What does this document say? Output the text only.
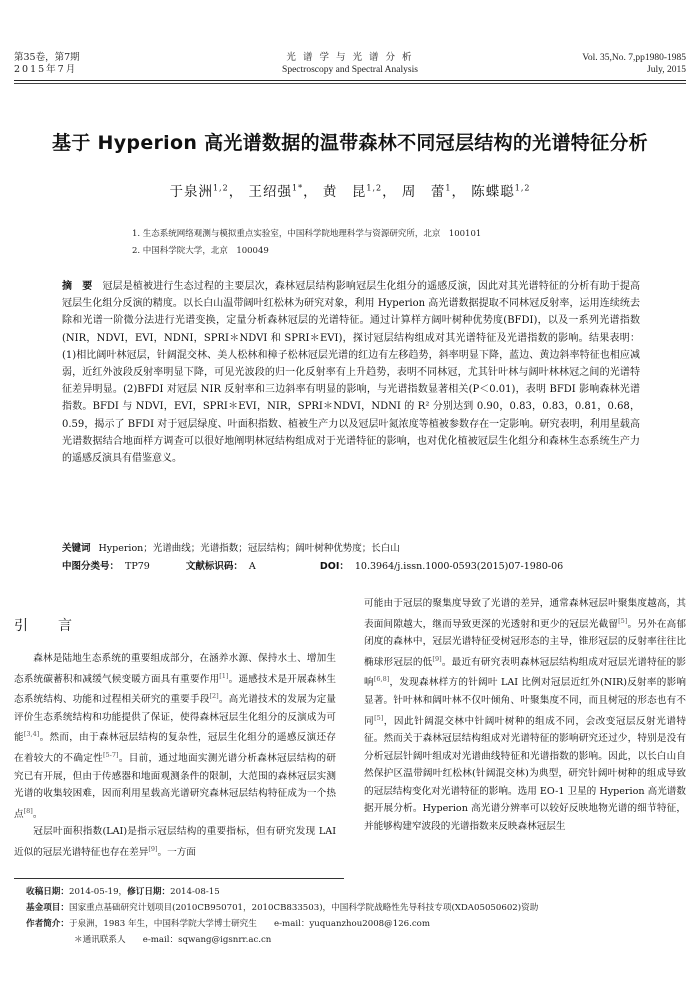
第35卷，第7期
2015年7月
光 谱 学 与 光 谱 分 析
Spectroscopy and Spectral Analysis
Vol. 35,No. 7,pp1980-1985
July, 2015
基于 Hyperion 高光谱数据的温带森林不同冠层结构的光谱特征分析
于泉洲$^{1,2}$， 王绍强$^{1*}$， 黄　昆$^{1,2}$， 周　蕾$^1$， 陈蝶聪$^{1,2}$
1. 生态系统网络观测与模拟重点实验室，中国科学院地理科学与资源研究所，北京　100101
2. 中国科学院大学，北京　100049
摘　要 冠层是植被进行生态过程的主要层次，森林冠层结构影响冠层生化组分的遥感反演，因此对其光谱特征的分析有助于提高冠层生化组分反演的精度。以长白山温带阔叶红松林为研究对象，利用 Hyperion 高光谱数据提取不同林冠反射率，运用连续统去除和光谱一阶微分法进行光谱变换，定量分析森林冠层的光谱特征。通过计算样方阔叶树种优势度(BFDI)，以及一系列光谱指数(NIR，NDVI，EVI，NDNI，SPRI＊NDVI 和 SPRI＊EVI)，探讨冠层结构组成对其光谱特征及光谱指数的影响。结果表明：(1)相比阔叶林冠层，针阔混交林、美人松林和樟子松林冠层光谱的红边有左移趋势，斜率明显下降，蓝边、黄边斜率特征也相应减弱，近红外波段反射率明显下降，可见光波段的归一化反射率有上升趋势，表明不同林冠，尤其针叶林与阔叶林林冠之间的光谱特征差异明显。(2)BFDI 对冠层 NIR 反射率和三边斜率有明显的影响，与光谱指数显著相关(P＜0.01)，表明 BFDI 影响森林光谱指数。BFDI 与 NDVI，EVI，SPRI＊EVI，NIR，SPRI＊NDVI，NDNI 的 R² 分别达到 0.90，0.83，0.83，0.81，0.68，0.59，揭示了 BFDI 对于冠层绿度、叶面积指数、植被生产力以及冠层叶氮浓度等植被参数存在一定影响。研究表明，利用星载高光谱数据结合地面样方调查可以很好地阐明林冠结构组成对于光谱特征的影响，也对优化植被冠层生化组分和森林生态系统生产力的遥感反演具有借鉴意义。
关键词 Hyperion；光谱曲线；光谱指数；冠层结构；阔叶树种优势度；长白山
中图分类号： TP79	文献标识码： A	DOI： 10.3964/j.issn.1000-0593(2015)07-1980-06
引　言

森林是陆地生态系统的重要组成部分，在涵养水源、保持水土、增加生态系统碳蓄积和减缓气候变暖方面具有重要作用[1]。遥感技术是开展森林生态系统结构、功能和过程相关研究的重要手段[2]。高光谱技术的发展为定量评价生态系统结构和功能提供了保证，使得森林冠层生化组分的反演成为可能[3,4]。然而，由于森林冠层结构的复杂性，冠层生化组分的遥感反演还存在着较大的不确定性[5-7]。目前，通过地面实测光谱分析森林冠层结构的研究已有开展，但由于传感器和地面观测条件的限制，大范围的森林冠层实测光谱的收集较困难，因而利用星载高光谱研究森林冠层结构特征成为一个热点[8]。

冠层叶面积指数(LAI)是指示冠层结构的重要指标，但有研究发现 LAI 近似的冠层光谱特征也存在差异[9]。一方面

可能由于冠层的聚集度导致了光谱的差异，通常森林冠层叶聚集度越高，其表面间隙越大，继而导致更深的光透射和更少的冠层光截留[5]。另外在高郁闭度的森林中，冠层光谱特征受树冠形态的主导，锥形冠层的反射率往往比椭球形冠层的低[9]。最近有研究表明森林冠层结构组成对冠层光谱特征的影响[6,8]，发现森林样方的针阔叶 LAI 比例对冠层近红外(NIR)反射率的影响显著。针叶林和阔叶林不仅叶倾角、叶聚集度不同，而且树冠的形态也有不同[5]，因此针阔混交林中针阔叶树种的组成不同，会改变冠层反射光谱特征。然而关于森林冠层结构组成对光谱特征的影响研究还过少，特别是没有分析冠层针阔叶组成对光谱曲线特征和光谱指数的影响。因此，以长白山自然保护区温带阔叶红松林(针阔混交林)为典型，研究针阔叶树种的组成导致的冠层结构变化对光谱特征的影响。选用 EO-1 卫星的 Hyperion 高光谱数据开展分析。Hyperion 高光谱分辨率可以较好反映地物光谱的细节特征，并能够构建窄波段的光谱指数来反映森林冠层生

收稿日期：2014-05-19，修订日期：2014-08-15
基金项目：国家重点基础研究计划项目(2010CB950701，2010CB833503)，中国科学院战略性先导科技专项(XDA05050602)资助
作者简介：于泉洲，1983 年生，中国科学院大学博士研究生　　e-mail：yuquanzhou2008@126.com
＊通讯联系人　　e-mail：sqwang@igsnrr.ac.cn
